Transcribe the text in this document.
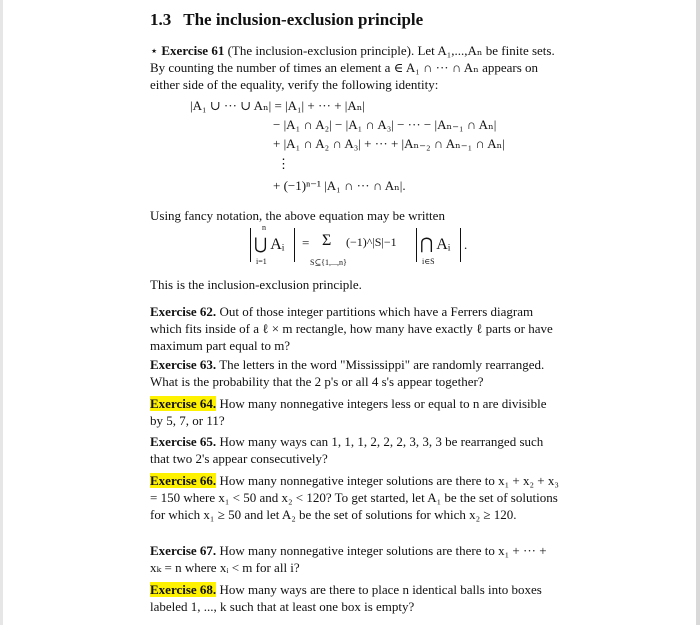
1.3 The inclusion-exclusion principle
⋆ Exercise 61 (The inclusion-exclusion principle). Let A₁,...,Aₙ be finite sets. By counting the number of times an element a ∈ A₁ ∩ ··· ∩ Aₙ appears on either side of the equality, verify the following identity:
|A₁ ∪ ··· ∪ Aₙ| = |A₁| + ··· + |Aₙ|
− |A₁ ∩ A₂| − |A₁ ∩ A₃| − ··· − |Aₙ₋₁ ∩ Aₙ|
+ |A₁ ∩ A₂ ∩ A₃| + ··· + |Aₙ₋₂ ∩ Aₙ₋₁ ∩ Aₙ|
⋮
+ (−1)ⁿ⁻¹ |A₁ ∩ ··· ∩ Aₙ|.
Using fancy notation, the above equation may be written
n
⋃ Aᵢ
i=1
= Σ
S⊆{1,...,n}
(−1)^|S|−1 ⋂ Aᵢ
i∈S
.
This is the inclusion-exclusion principle.
Exercise 62. Out of those integer partitions which have a Ferrers diagram which fits inside of a ℓ × m rectangle, how many have exactly ℓ parts or have maximum part equal to m?
Exercise 63. The letters in the word "Mississippi" are randomly rearranged. What is the probability that the 2 p's or all 4 s's appear together?
Exercise 64. How many nonnegative integers less or equal to n are divisible by 5, 7, or 11?
Exercise 65. How many ways can 1, 1, 1, 2, 2, 2, 3, 3, 3 be rearranged such that two 2's appear consecutively?
Exercise 66. How many nonnegative integer solutions are there to x₁ + x₂ + x₃ = 150 where x₁ < 50 and x₂ < 120? To get started, let A₁ be the set of solutions for which x₁ ≥ 50 and let A₂ be the set of solutions for which x₂ ≥ 120.
Exercise 67. How many nonnegative integer solutions are there to x₁ + ··· + xₖ = n where xᵢ < m for all i?
Exercise 68. How many ways are there to place n identical balls into boxes labeled 1, ..., k such that at least one box is empty?
